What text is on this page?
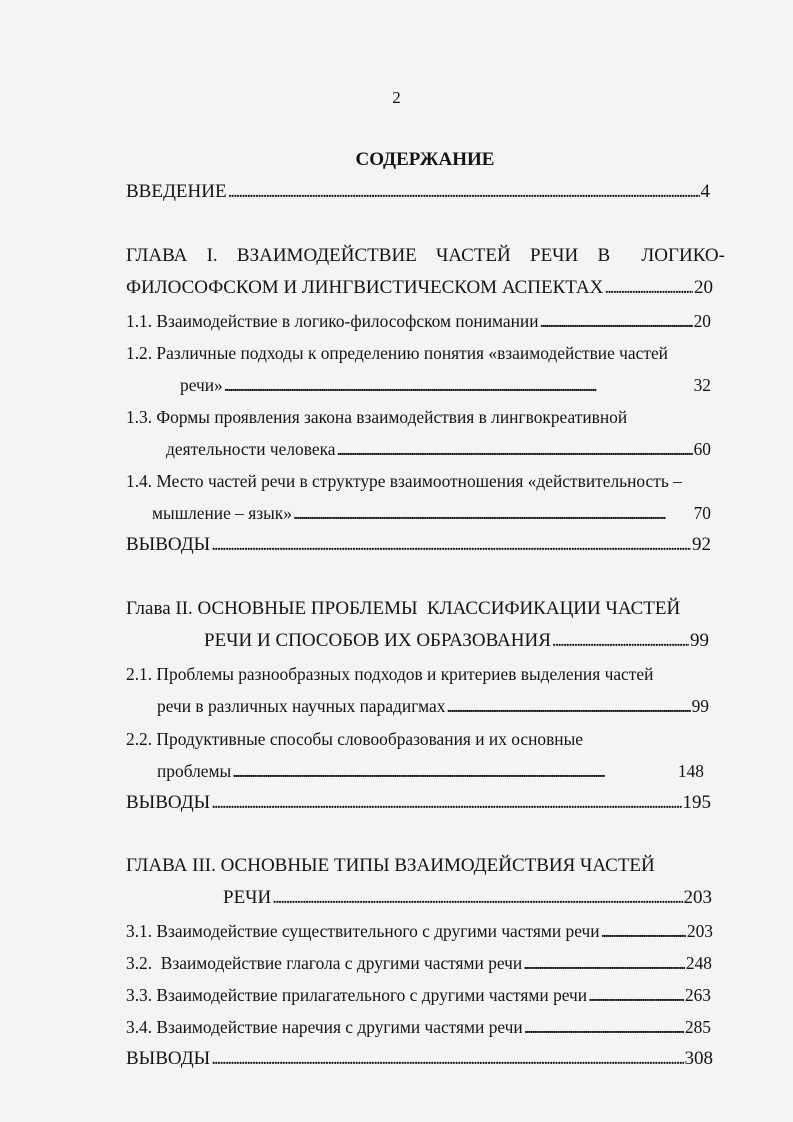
2
СОДЕРЖАНИЕ
ВВЕДЕНИЕ . . .	4
ГЛАВА I. ВЗАИМОДЕЙСТВИЕ ЧАСТЕЙ РЕЧИ В ЛОГИКО-
ФИЛОСОФСКОМ И ЛИНГВИСТИЧЕСКОМ АСПЕКТАХ . . .	20
1.1. Взаимодействие в логико-философском понимании . . .	20
1.2. Различные подходы к определению понятия «взаимодействие частей
речи» . . .	32
1.3. Формы проявления закона взаимодействия в лингвокреативной
деятельности человека . . .	60
1.4. Место частей речи в структуре взаимоотношения «действительность –
мышление – язык» . . .	70
ВЫВОДЫ . . .	92
Глава II. ОСНОВНЫЕ ПРОБЛЕМЫ  КЛАССИФИКАЦИИ ЧАСТЕЙ
РЕЧИ И СПОСОБОВ ИХ ОБРАЗОВАНИЯ . . .	99
2.1. Проблемы разнообразных подходов и критериев выделения частей
речи в различных научных парадигмах . . .	99
2.2. Продуктивные способы словообразования и их основные
проблемы . . .	148
ВЫВОДЫ . . .	195
ГЛАВА III. ОСНОВНЫЕ ТИПЫ ВЗАИМОДЕЙСТВИЯ ЧАСТЕЙ
РЕЧИ . . .	203
3.1. Взаимодействие существительного с другими частями речи . . .	203
3.2.  Взаимодействие глагола с другими частями речи . . .	248
3.3. Взаимодействие прилагательного с другими частями речи . . .	263
3.4. Взаимодействие наречия с другими частями речи . . .	285
ВЫВОДЫ . . .	308
